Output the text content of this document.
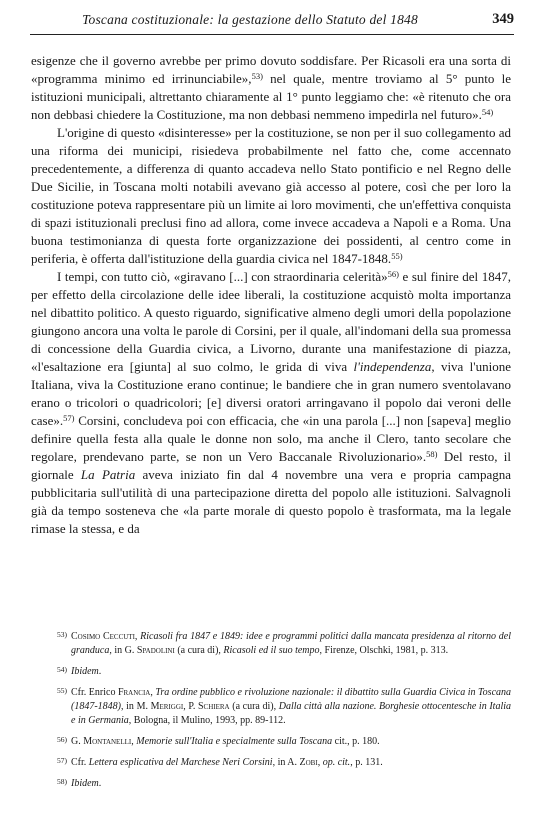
Toscana costituzionale: la gestazione dello Statuto del 1848	349

esigenze che il governo avrebbe per primo dovuto soddisfare. Per Ricasoli era una sorta di «programma minimo ed irrinunciabile»,$^{53)}$ nel quale, mentre troviamo al 5° punto le istituzioni municipali, altrettanto chiaramente al 1° punto leggiamo che: «è ritenuto che ora non debbasi chiedere la Costituzione, ma non debbasi nemmeno impedirla nel futuro».$^{54)}$

L'origine di questo «disinteresse» per la costituzione, se non per il suo collegamento ad una riforma dei municipi, risiedeva probabilmente nel fatto che, come accennato precedentemente, a differenza di quanto accadeva nello Stato pontificio e nel Regno delle Due Sicilie, in Toscana molti notabili avevano già accesso al potere, così che per loro la costituzione poteva rappresentare più un limite ai loro movimenti, che un'effettiva conquista di spazi istituzionali preclusi fino ad allora, come invece accadeva a Napoli e a Roma. Una buona testimonianza di questa forte organizzazione dei possidenti, al centro come in periferia, è offerta dall'istituzione della guardia civica nel 1847-1848.$^{55)}$

I tempi, con tutto ciò, «giravano [...] con straordinaria celerità»$^{56)}$ e sul finire del 1847, per effetto della circolazione delle idee liberali, la costituzione acquistò molta importanza nel dibattito politico. A questo riguardo, significative almeno degli umori della popolazione giungono ancora una volta le parole di Corsini, per il quale, all'indomani della sua promessa di concessione della Guardia civica, a Livorno, durante una manifestazione di piazza, «l'esaltazione era [giunta] al suo colmo, le grida di viva l'independenza, viva l'unione Italiana, viva la Costituzione erano continue; le bandiere che in gran numero sventolavano erano o tricolori o quadricolori; [e] diversi oratori arringavano il popolo dai veroni delle case».$^{57)}$ Corsini, concludeva poi con efficacia, che «in una parola [...] non [sapeva] meglio definire quella festa alla quale le donne non solo, ma anche il Clero, tanto secolare che regolare, prendevano parte, se non un Vero Baccanale Rivoluzionario».$^{58)}$ Del resto, il giornale La Patria aveva iniziato fin dal 4 novembre una vera e propria campagna pubblicitaria sull'utilità di una partecipazione diretta del popolo alle istituzioni. Salvagnoli già da tempo sosteneva che «la parte morale di questo popolo è trasformata, ma la legale rimase la stessa, e da

53) Cosimo Ceccuti, Ricasoli fra 1847 e 1849: idee e programmi politici dalla mancata presidenza al ritorno del granduca, in G. Spadolini (a cura di), Ricasoli ed il suo tempo, Firenze, Olschki, 1981, p. 313.
54) Ibidem.
55) Cfr. Enrico Francia, Tra ordine pubblico e rivoluzione nazionale: il dibattito sulla Guardia Civica in Toscana (1847-1848), in M. Meriggi, P. Schiera (a cura di), Dalla città alla nazione. Borghesie ottocentesche in Italia e in Germania, Bologna, il Mulino, 1993, pp. 89-112.
56) G. Montanelli, Memorie sull'Italia e specialmente sulla Toscana cit., p. 180.
57) Cfr. Lettera esplicativa del Marchese Neri Corsini, in A. Zobi, op. cit., p. 131.
58) Ibidem.
